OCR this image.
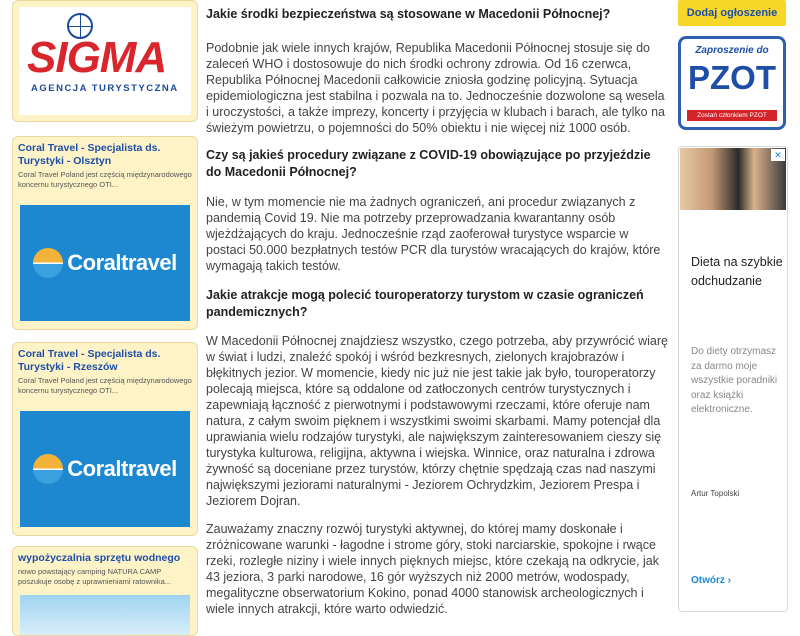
SIGMA
AGENCJA TURYSTYCZNA
Coral Travel - Specjalista ds. Turystyki - Olsztyn
Coral Travel Poland jest częścią międzynarodowego koncernu turystycznego OTI...
Coraltravel
Coral Travel - Specjalista ds. Turystyki - Rzeszów
Coral Travel Poland jest częścią międzynarodowego koncernu turystycznego OTI...
Coraltravel
wypożyczalnia sprzętu wodnego
nowo powstający camping NATURA CAMP poszukuje osobę z uprawnieniami ratownika...
Jakie środki bezpieczeństwa są stosowane w Macedonii Północnej?

Podobnie jak wiele innych krajów, Republika Macedonii Północnej stosuje się do zaleceń WHO i dostosowuje do nich środki ochrony zdrowia. Od 16 czerwca, Republika Północnej Macedonii całkowicie zniosła godzinę policyjną. Sytuacja epidemiologiczna jest stabilna i pozwala na to. Jednocześnie dozwolone są wesela i uroczystości, a także imprezy, koncerty i przyjęcia w klubach i barach, ale tylko na świeżym powietrzu, o pojemności do 50% obiektu i nie więcej niż 1000 osób.

Czy są jakieś procedury związane z COVID-19 obowiązujące po przyjeździe do Macedonii Północnej?

Nie, w tym momencie nie ma żadnych ograniczeń, ani procedur związanych z pandemią Covid 19. Nie ma potrzeby przeprowadzania kwarantanny osób wjeżdżających do kraju. Jednocześnie rząd zaoferował turystyce wsparcie w postaci 50.000 bezpłatnych testów PCR dla turystów wracających do krajów, które wymagają takich testów.

Jakie atrakcje mogą polecić touroperatorzy turystom w czasie ograniczeń pandemicznych?

W Macedonii Północnej znajdziesz wszystko, czego potrzeba, aby przywrócić wiarę w świat i ludzi, znaleźć spokój i wśród bezkresnych, zielonych krajobrazów i błękitnych jezior. W momencie, kiedy nic już nie jest takie jak było, touroperatorzy polecają miejsca, które są oddalone od zatłoczonych centrów turystycznych i zapewniają łączność z pierwotnymi i podstawowymi rzeczami, które oferuje nam natura, z całym swoim pięknem i wszystkimi swoimi skarbami. Mamy potencjał dla uprawiania wielu rodzajów turystyki, ale największym zainteresowaniem cieszy się turystyka kulturowa, religijna, aktywna i wiejska. Winnice, oraz naturalna i zdrowa żywność są doceniane przez turystów, którzy chętnie spędzają czas nad naszymi największymi jeziorami naturalnymi - Jeziorem Ochrydzkim, Jeziorem Prespa i Jeziorem Dojran.

Zauważamy znaczny rozwój turystyki aktywnej, do której mamy doskonałe i zróżnicowane warunki - łagodne i strome góry, stoki narciarskie, spokojne i rwące rzeki, rozległe niziny i wiele innych pięknych miejsc, które czekają na odkrycie, jak 43 jeziora, 3 parki narodowe, 16 gór wyższych niż 2000 metrów, wodospady, megalityczne obserwatorium Kokino, ponad 4000 stanowisk archeologicznych i wiele innych atrakcji, które warto odwiedzić.

Dodaj ogłoszenie
Zaproszenie do
PZOT
Zostań członkiem PZOT
✕
Dieta na szybkie odchudzanie
Do diety otrzymasz za darmo moje wszystkie poradniki oraz książki elektroniczne.
Artur Topolski
Otwórz ›
